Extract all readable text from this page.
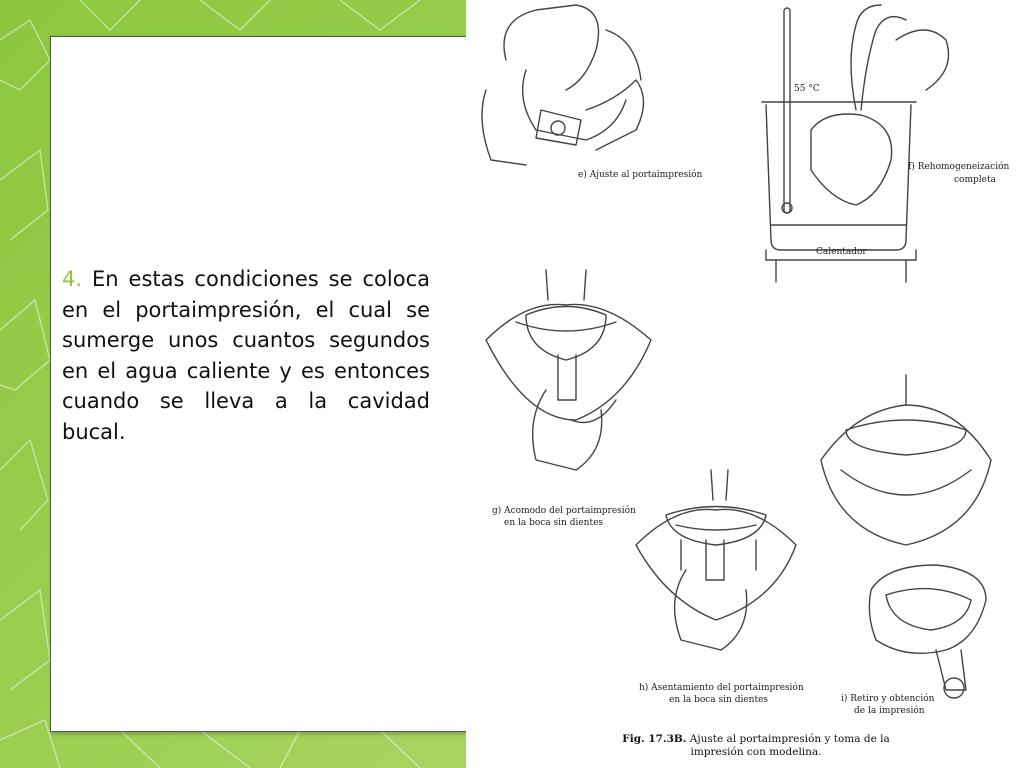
4. En estas condiciones se coloca en el portaimpresión, el cual se sumerge unos cuantos segundos en el agua caliente y es entonces cuando se lleva a la cavidad bucal.
e) Ajuste al portaimpresión
55 °C
Calentador
f) Rehomogeneización
completa
g) Acomodo del portaimpresión
en la boca sin dientes
h) Asentamiento del portaimpresión
en la boca sin dientes	i) Retiro y obtención
de la impresión
Fig. 17.3B. Ajuste al portaimpresión y toma de la impresión con modelina.
